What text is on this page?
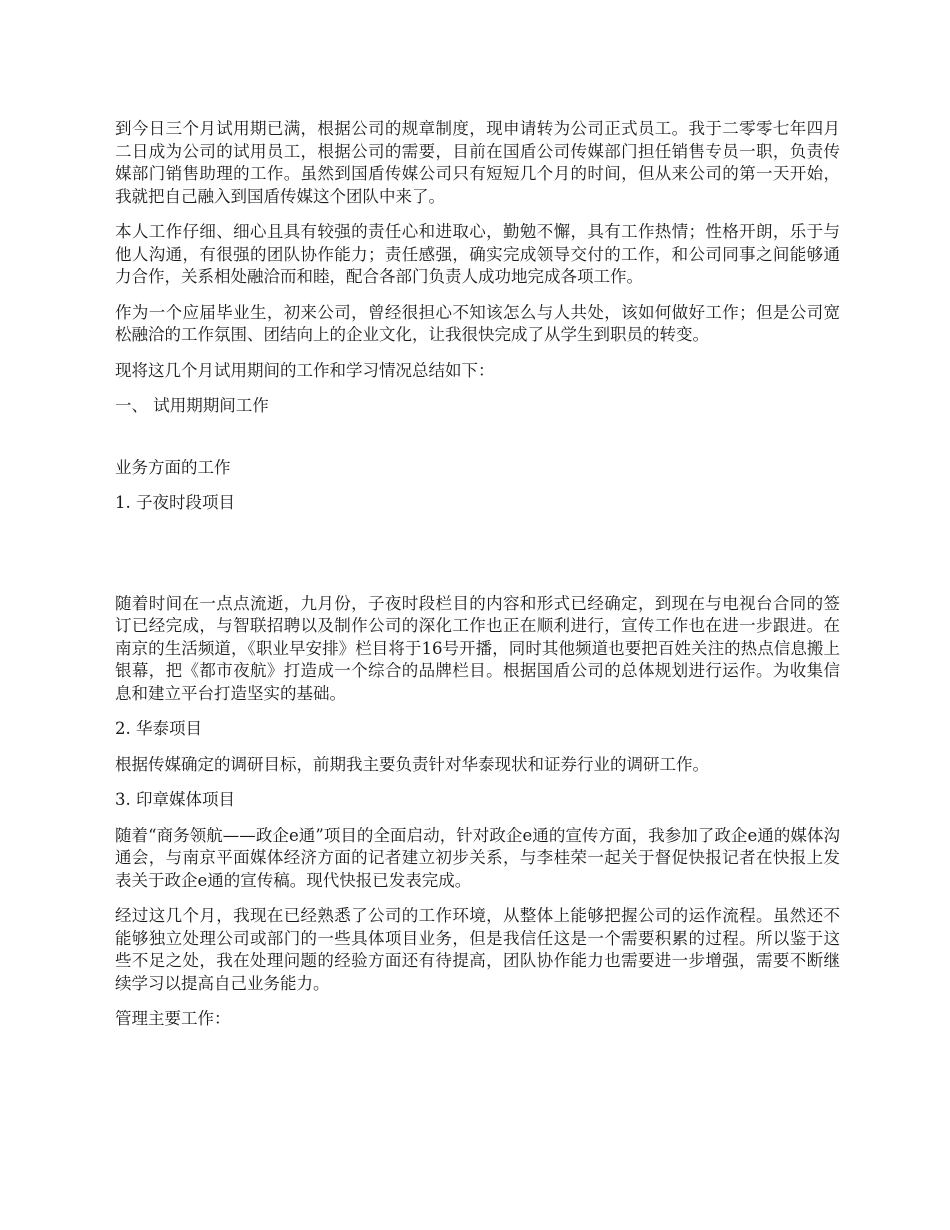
到今日三个月试用期已满，根据公司的规章制度，现申请转为公司正式员工。我于二零零七年四月二日成为公司的试用员工，根据公司的需要，目前在国盾公司传媒部门担任销售专员一职，负责传媒部门销售助理的工作。虽然到国盾传媒公司只有短短几个月的时间，但从来公司的第一天开始，我就把自己融入到国盾传媒这个团队中来了。

本人工作仔细、细心且具有较强的责任心和进取心，勤勉不懈，具有工作热情；性格开朗，乐于与他人沟通，有很强的团队协作能力；责任感强，确实完成领导交付的工作，和公司同事之间能够通力合作，关系相处融洽而和睦，配合各部门负责人成功地完成各项工作。

作为一个应届毕业生，初来公司，曾经很担心不知该怎么与人共处，该如何做好工作；但是公司宽松融洽的工作氛围、团结向上的企业文化，让我很快完成了从学生到职员的转变。

现将这几个月试用期间的工作和学习情况总结如下：

一、 试用期期间工作

业务方面的工作

1. 子夜时段项目

随着时间在一点点流逝，九月份，子夜时段栏目的内容和形式已经确定，到现在与电视台合同的签订已经完成，与智联招聘以及制作公司的深化工作也正在顺利进行，宣传工作也在进一步跟进。在南京的生活频道，《职业早安排》栏目将于16号开播，同时其他频道也要把百姓关注的热点信息搬上银幕，把《都市夜航》打造成一个综合的品牌栏目。根据国盾公司的总体规划进行运作。为收集信息和建立平台打造坚实的基础。

2. 华泰项目

根据传媒确定的调研目标，前期我主要负责针对华泰现状和证券行业的调研工作。

3. 印章媒体项目

随着“商务领航——政企e通”项目的全面启动，针对政企e通的宣传方面，我参加了政企e通的媒体沟通会，与南京平面媒体经济方面的记者建立初步关系，与李桂荣一起关于督促快报记者在快报上发表关于政企e通的宣传稿。现代快报已发表完成。

经过这几个月，我现在已经熟悉了公司的工作环境，从整体上能够把握公司的运作流程。虽然还不能够独立处理公司或部门的一些具体项目业务，但是我信任这是一个需要积累的过程。所以鉴于这些不足之处，我在处理问题的经验方面还有待提高，团队协作能力也需要进一步增强，需要不断继续学习以提高自己业务能力。

管理主要工作：
